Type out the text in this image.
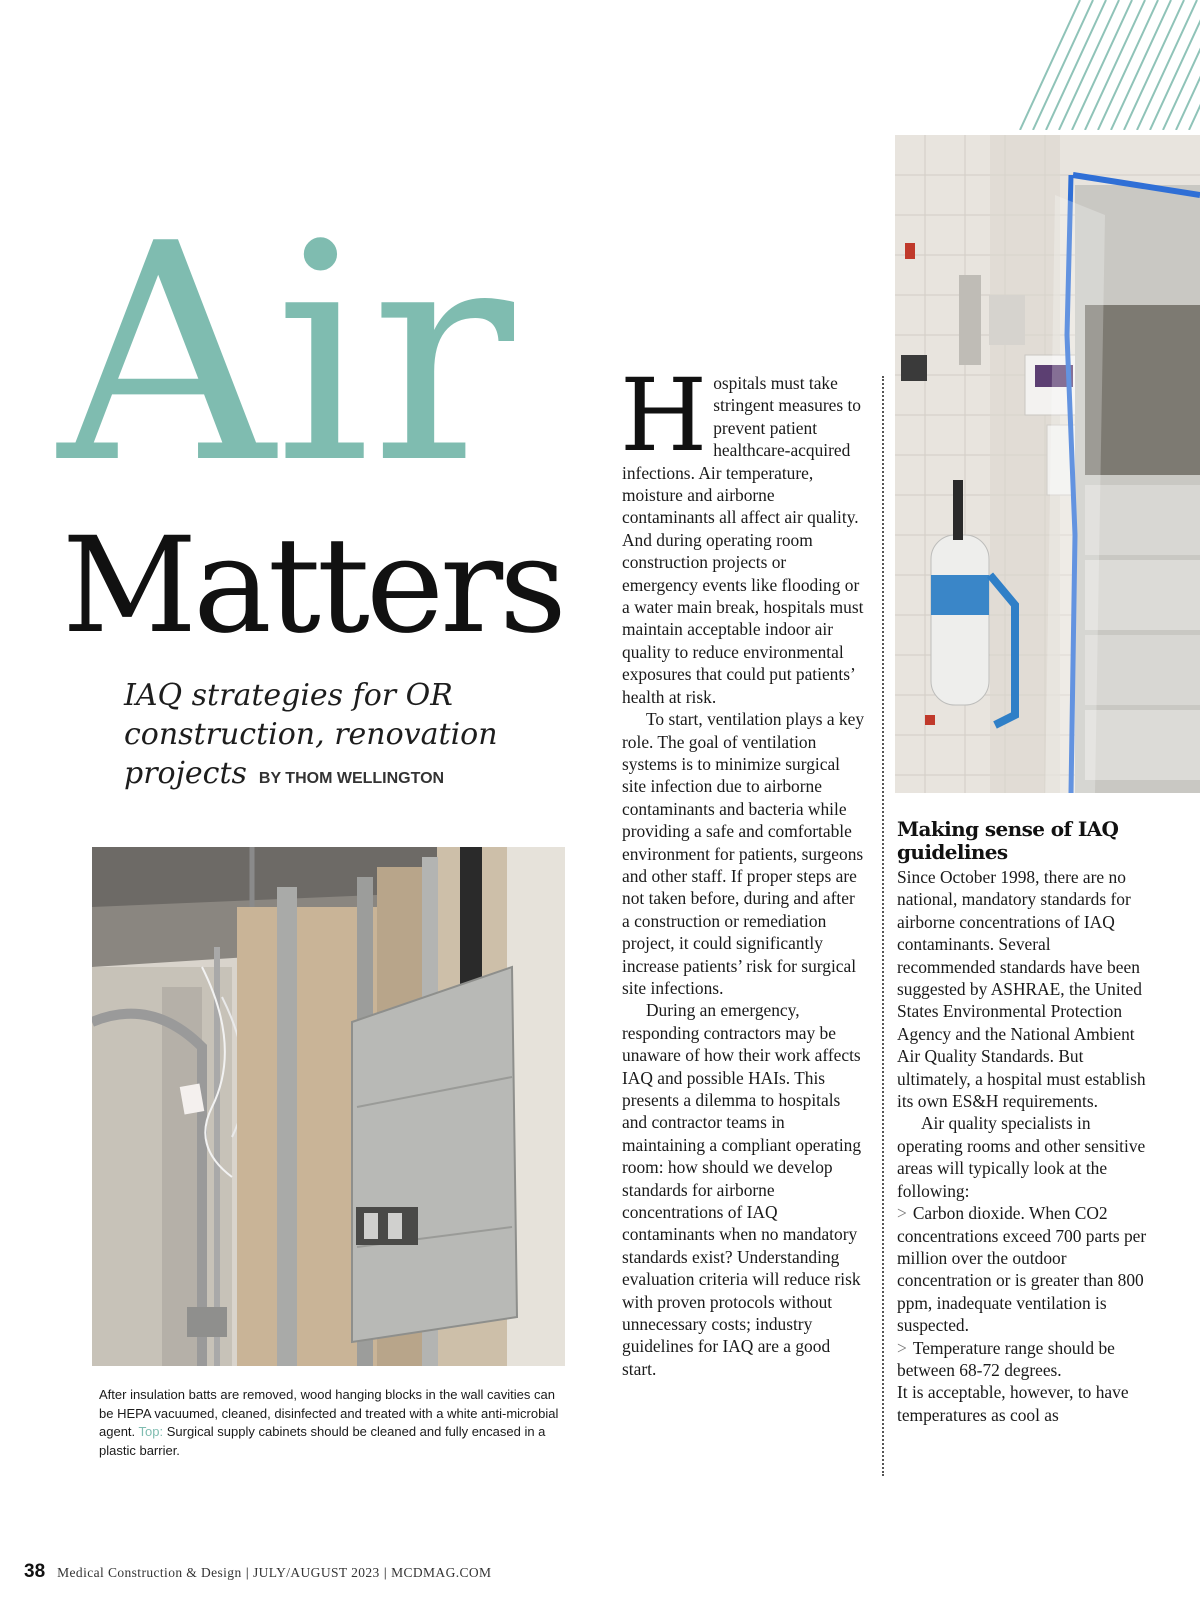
Air
Matters
IAQ strategies for OR construction, renovation projects BY THOM WELLINGTON
After insulation batts are removed, wood hanging blocks in the wall cavities can be HEPA vacuumed, cleaned, disinfected and treated with a white anti-microbial agent. Top: Surgical supply cabinets should be cleaned and fully encased in a plastic barrier.
H ospitals must take stringent measures to prevent patient healthcare-acquired infections. Air temperature, moisture and airborne contaminants all affect air quality. And during operating room construction projects or emergency events like flooding or a water main break, hospitals must maintain acceptable indoor air quality to reduce environmental exposures that could put patients’ health at risk.

To start, ventilation plays a key role. The goal of ventilation systems is to minimize surgical site infection due to airborne contaminants and bacteria while providing a safe and comfortable environment for patients, surgeons and other staff. If proper steps are not taken before, during and after a construction or remediation project, it could significantly increase patients’ risk for surgical site infections.

During an emergency, responding contractors may be unaware of how their work affects IAQ and possible HAIs. This presents a dilemma to hospitals and contractor teams in maintaining a compliant operating room: how should we develop standards for airborne concentrations of IAQ contaminants when no mandatory standards exist? Understanding evaluation criteria will reduce risk with proven protocols without unnecessary costs; industry guidelines for IAQ are a good start.

Making sense of IAQ guidelines

Since October 1998, there are no national, mandatory standards for airborne concentrations of IAQ contaminants. Several recommended standards have been suggested by ASHRAE, the United States Environmental Protection Agency and the National Ambient Air Quality Standards. But ultimately, a hospital must establish its own ES&H requirements.

Air quality specialists in operating rooms and other sensitive areas will typically look at the following:

> Carbon dioxide. When CO2 concentrations exceed 700 parts per million over the outdoor concentration or is greater than 800 ppm, inadequate ventilation is suspected.

> Temperature range should be between 68-72 degrees.

It is acceptable, however, to have temperatures as cool as

38 Medical Construction & Design | JULY/AUGUST 2023 | MCDMAG.COM
